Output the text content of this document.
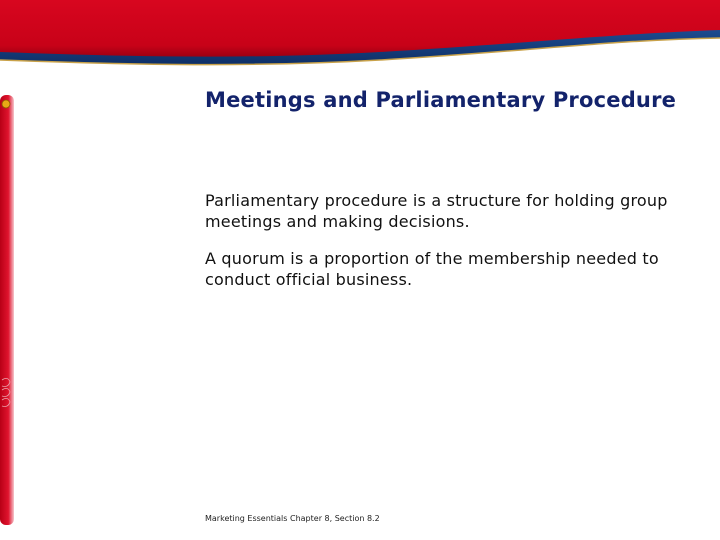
Meetings and Parliamentary Procedure

Parliamentary procedure is a structure for holding group meetings and making decisions.

A quorum is a proportion of the membership needed to conduct official business.

Marketing Essentials Chapter 8, Section 8.2
